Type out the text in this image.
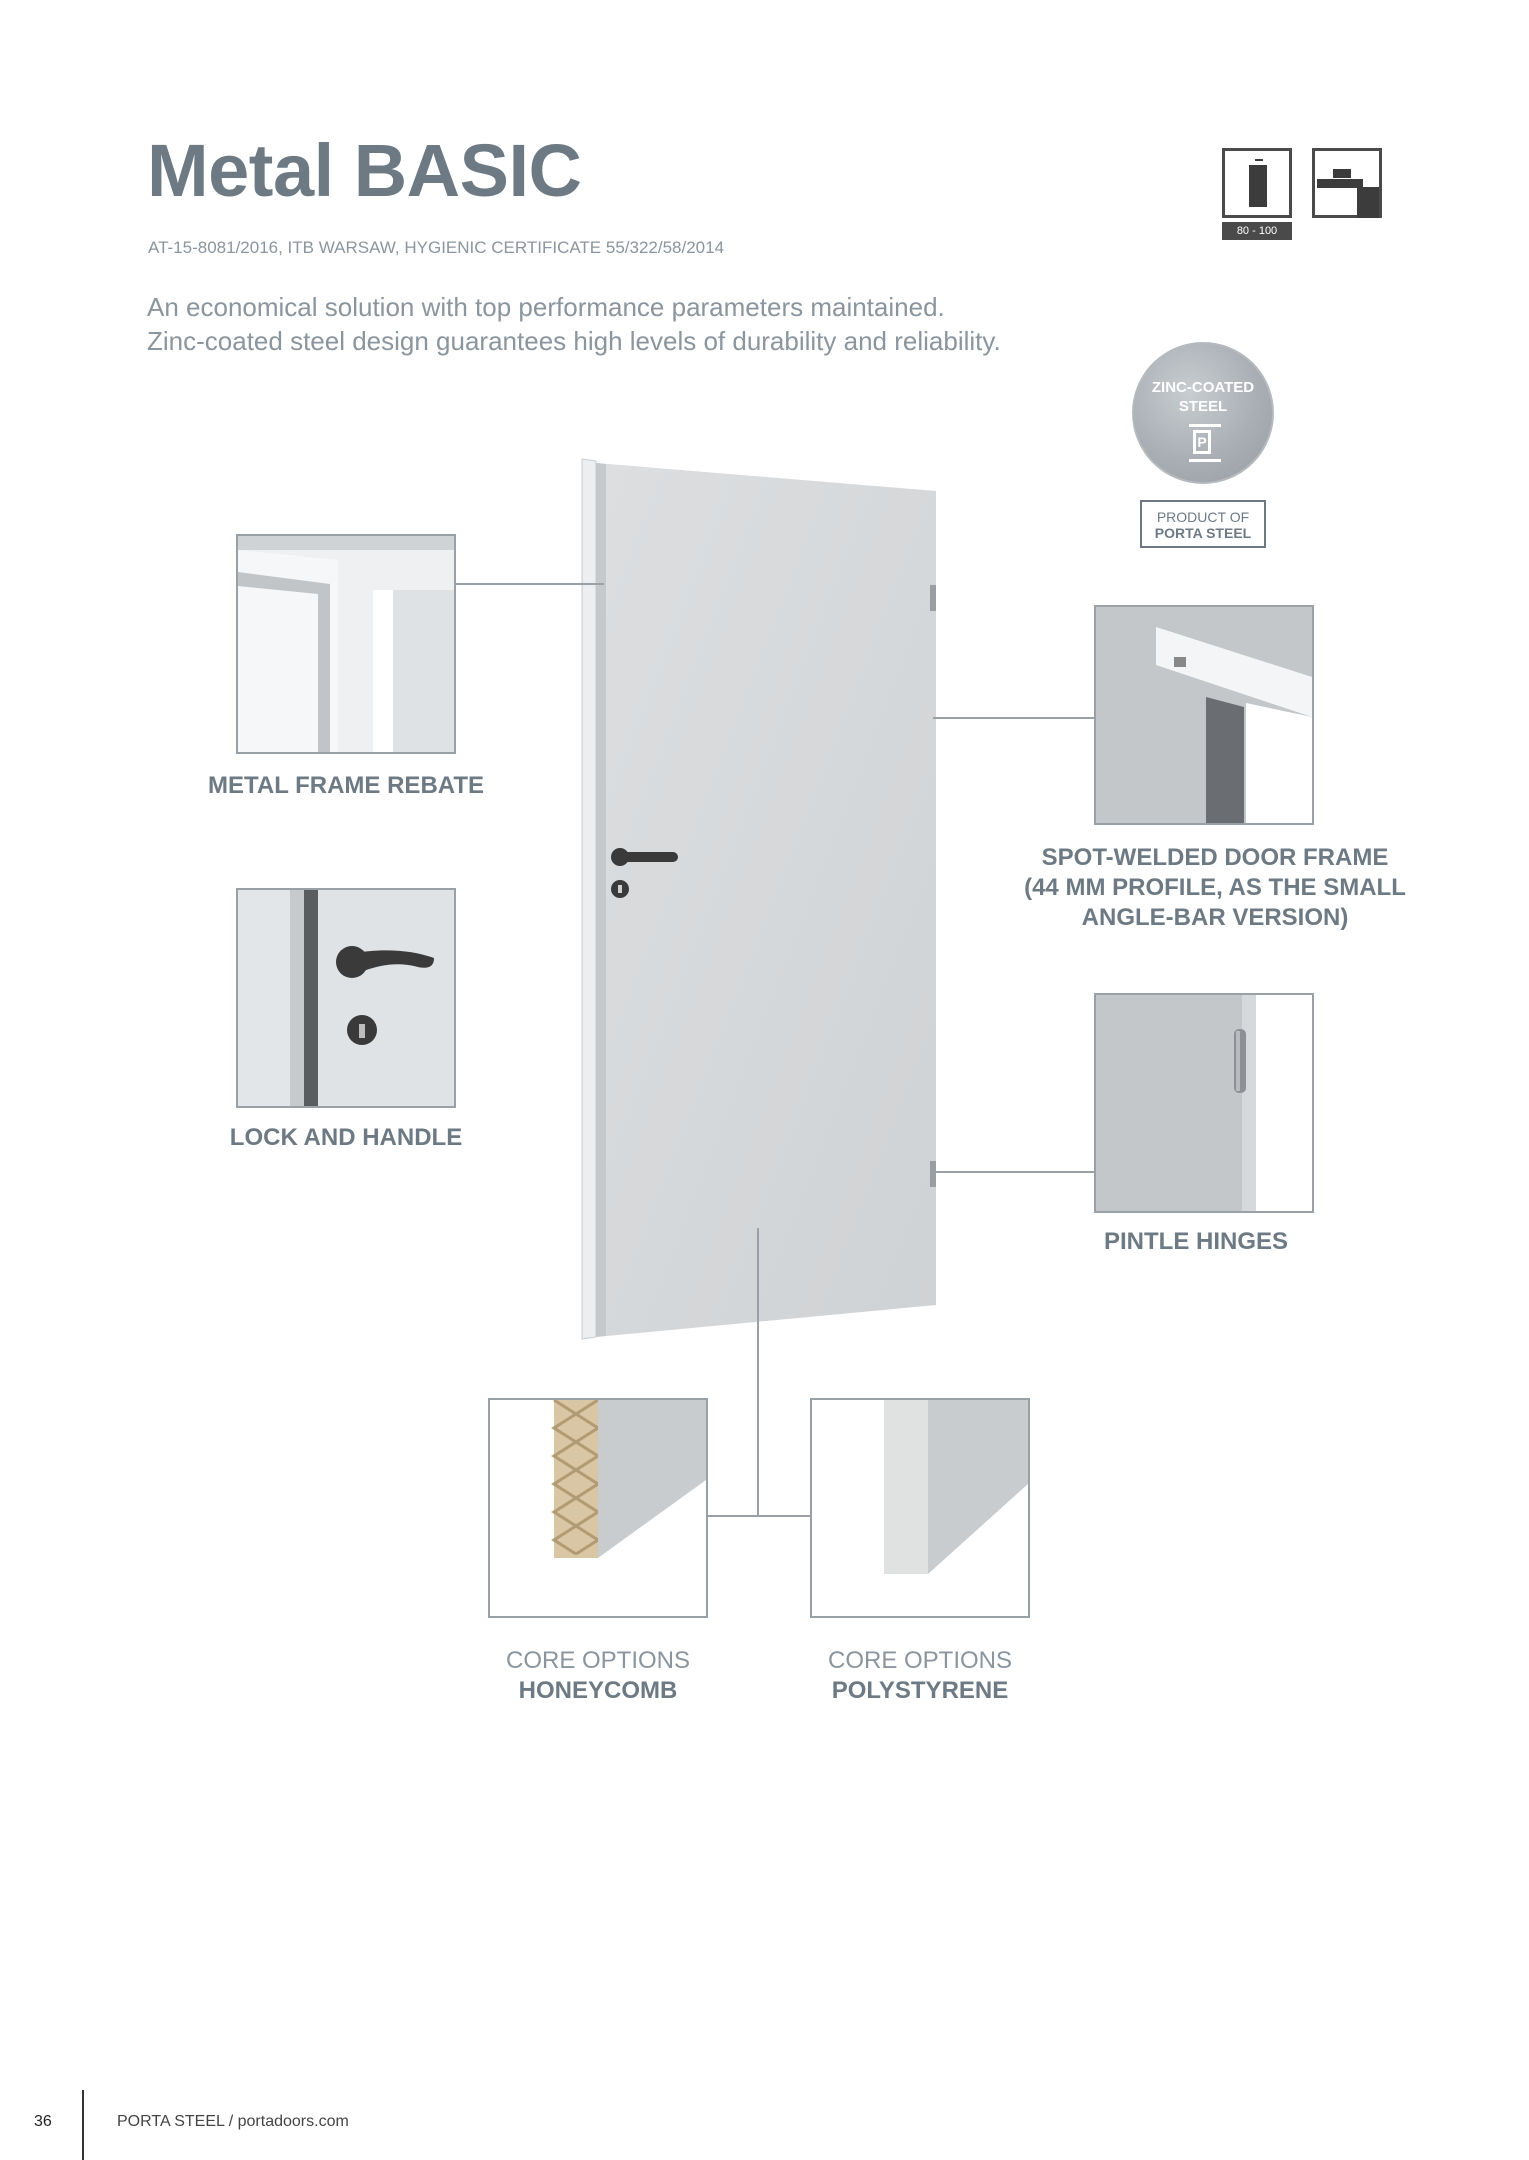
Metal BASIC
AT-15-8081/2016, ITB WARSAW, HYGIENIC CERTIFICATE 55/322/58/2014
An economical solution with top performance parameters maintained.
Zinc-coated steel design guarantees high levels of durability and reliability.
80 - 100
ZINC-COATED
STEEL
P
PRODUCT OF
PORTA STEEL
METAL FRAME REBATE
LOCK AND HANDLE
SPOT-WELDED DOOR FRAME
(44 MM PROFILE, AS THE SMALL
ANGLE-BAR VERSION)
PINTLE HINGES
CORE OPTIONS
HONEYCOMB
CORE OPTIONS
POLYSTYRENE
36	PORTA STEEL / portadoors.com
